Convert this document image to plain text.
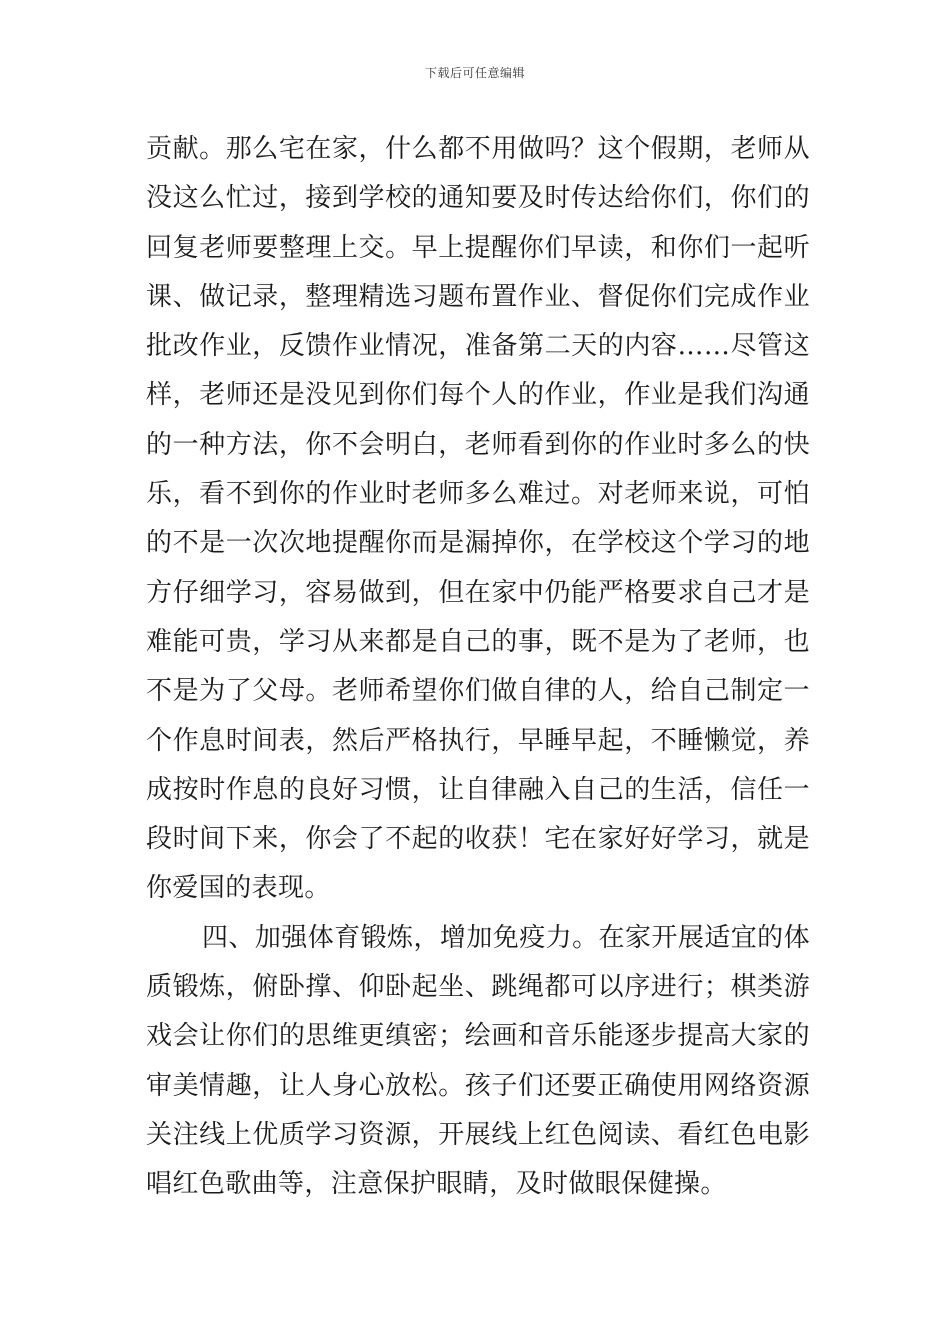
下载后可任意编辑
贡献。那么宅在家，什么都不用做吗？这个假期，老师从
没这么忙过，接到学校的通知要及时传达给你们，你们的
回复老师要整理上交。早上提醒你们早读，和你们一起听
课、做记录，整理精选习题布置作业、督促你们完成作业
批改作业，反馈作业情况，准备第二天的内容……尽管这
样，老师还是没见到你们每个人的作业，作业是我们沟通
的一种方法，你不会明白，老师看到你的作业时多么的快
乐，看不到你的作业时老师多么难过。对老师来说，可怕
的不是一次次地提醒你而是漏掉你，在学校这个学习的地
方仔细学习，容易做到，但在家中仍能严格要求自己才是
难能可贵，学习从来都是自己的事，既不是为了老师，也
不是为了父母。老师希望你们做自律的人，给自己制定一
个作息时间表，然后严格执行，早睡早起，不睡懒觉，养
成按时作息的良好习惯，让自律融入自己的生活，信任一
段时间下来，你会了不起的收获！宅在家好好学习，就是
你爱国的表现。
四、加强体育锻炼，增加免疫力。在家开展适宜的体
质锻炼，俯卧撑、仰卧起坐、跳绳都可以序进行；棋类游
戏会让你们的思维更缜密；绘画和音乐能逐步提高大家的
审美情趣，让人身心放松。孩子们还要正确使用网络资源
关注线上优质学习资源，开展线上红色阅读、看红色电影
唱红色歌曲等，注意保护眼睛，及时做眼保健操。
